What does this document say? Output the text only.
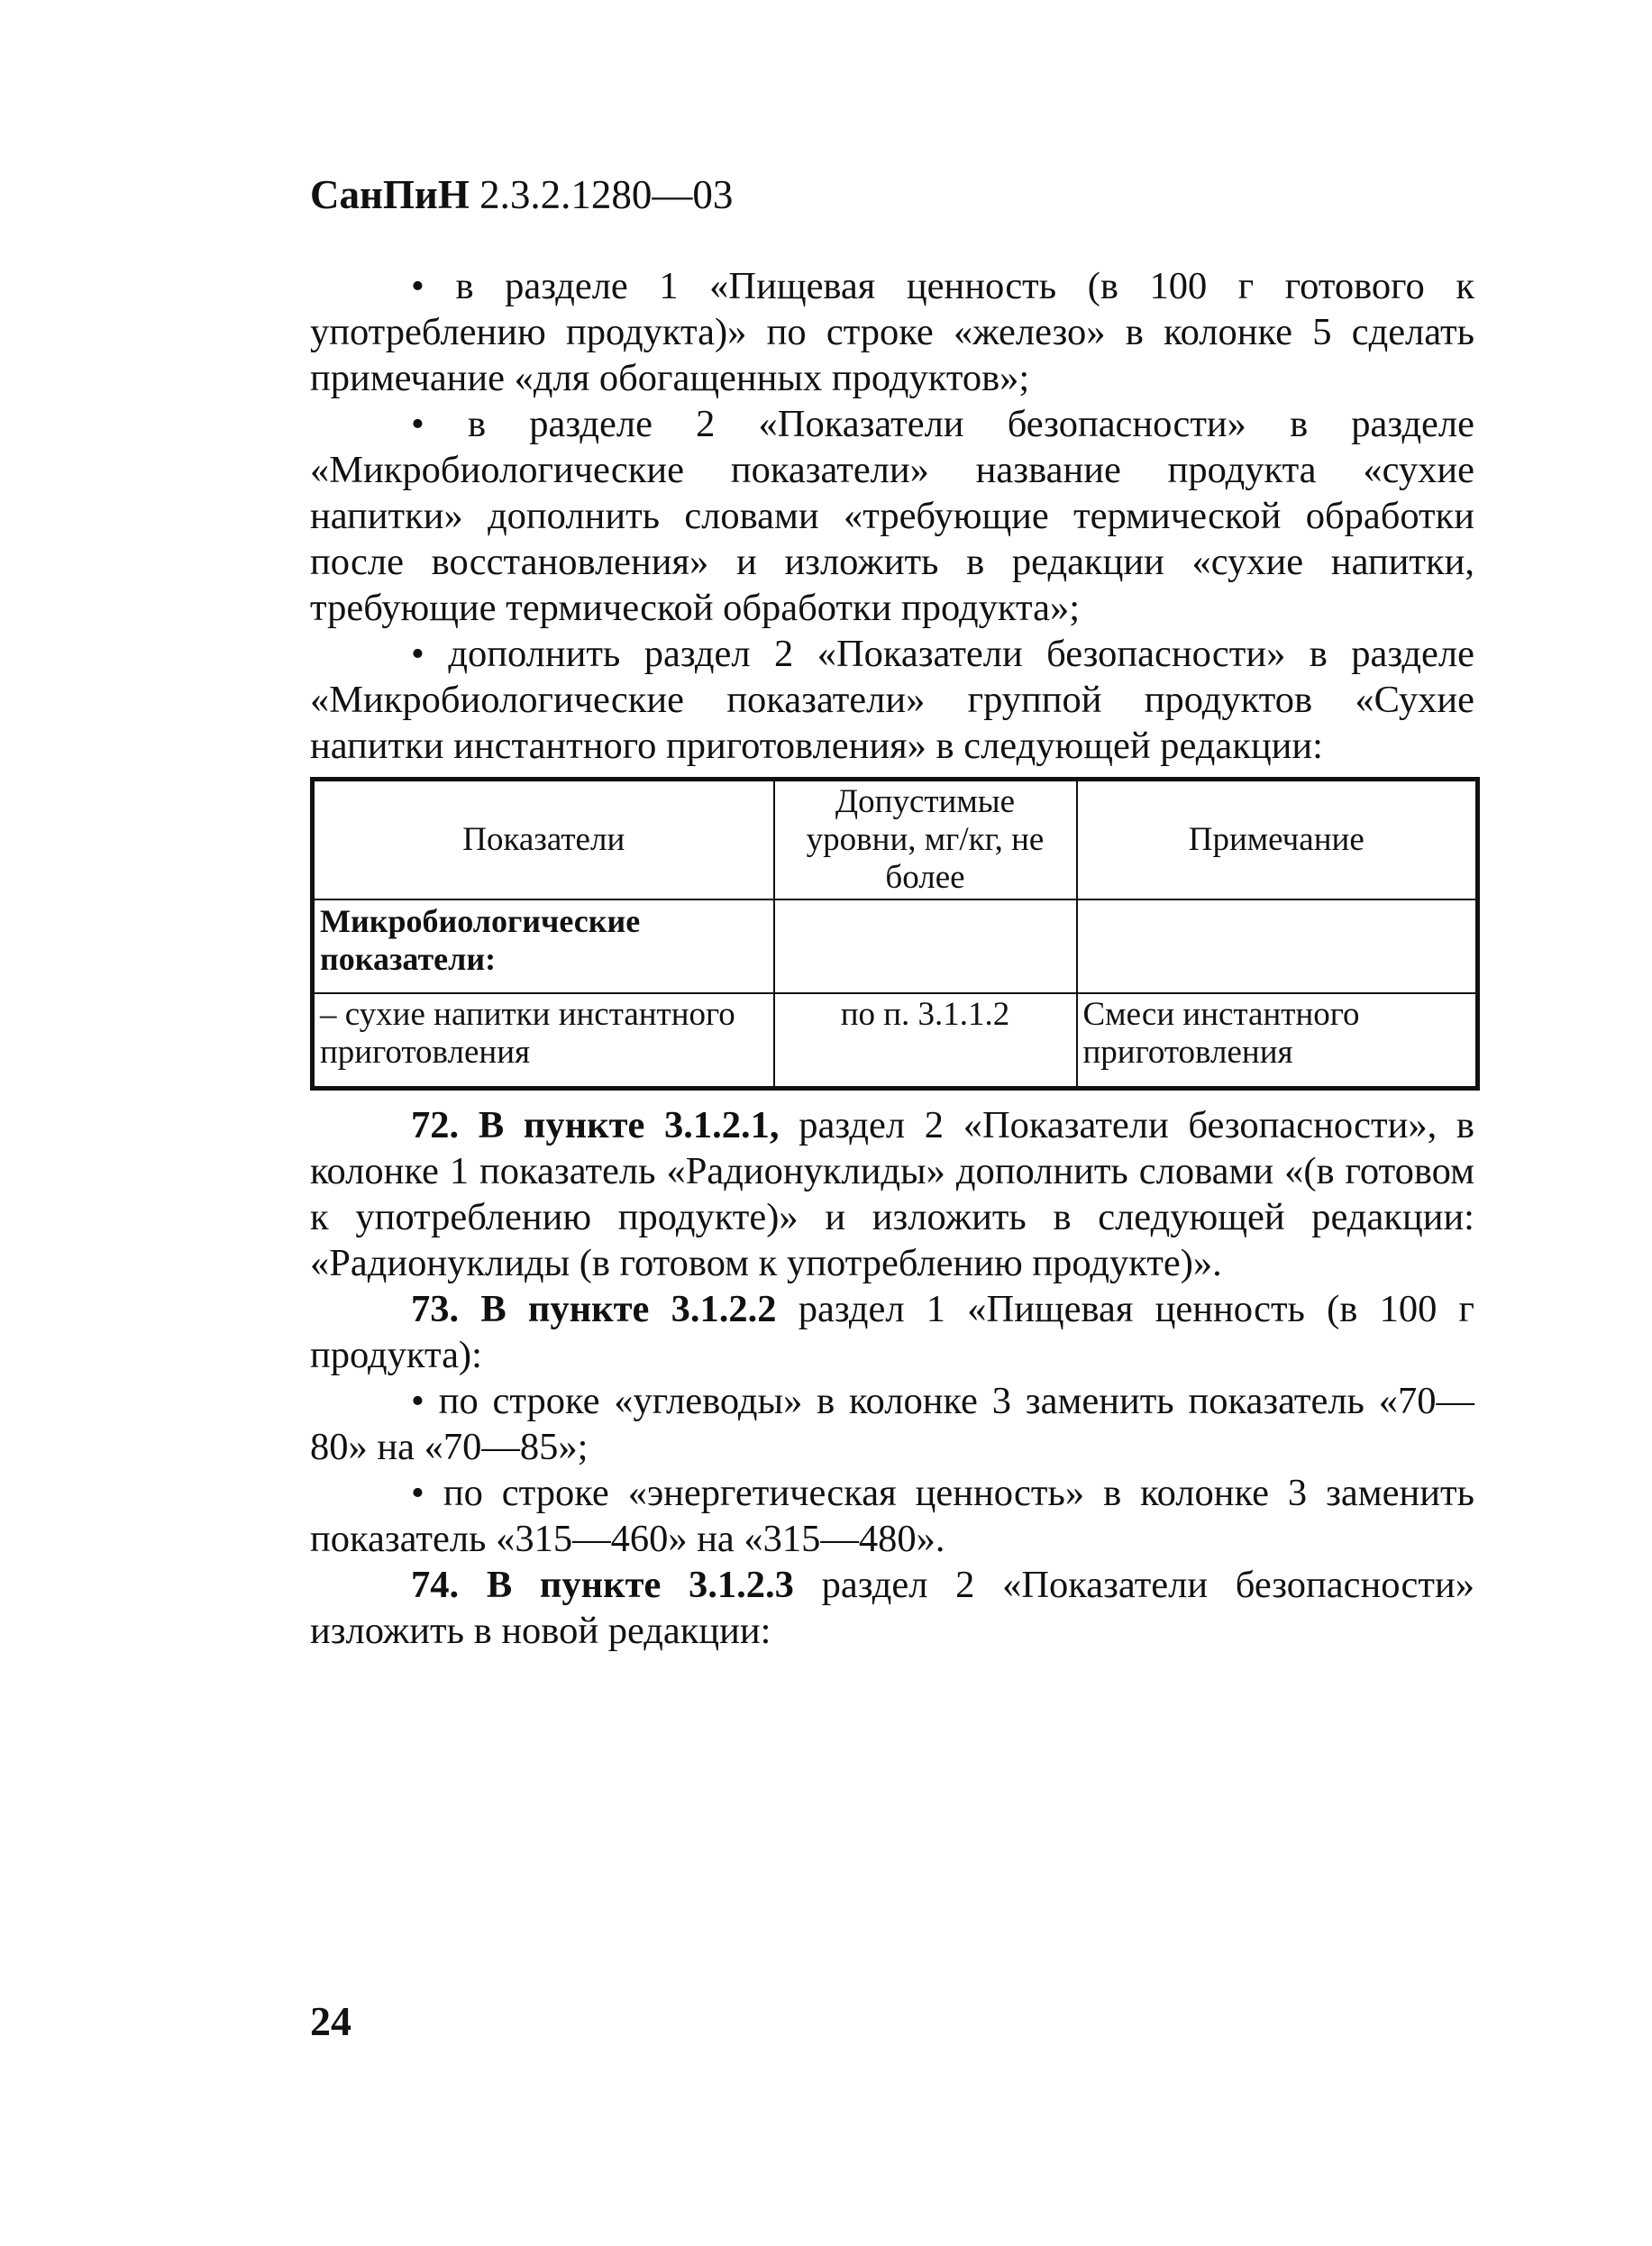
СанПиН 2.3.2.1280—03

• в разделе 1 «Пищевая ценность (в 100 г готового к употреблению продукта)» по строке «железо» в колонке 5 сделать примечание «для обогащенных продуктов»;

• в разделе 2 «Показатели безопасности» в разделе «Микробиологические показатели» название продукта «сухие напитки» дополнить словами «требующие термической обработки после восстановления» и изложить в редакции «сухие напитки, требующие термической обработки продукта»;

• дополнить раздел 2 «Показатели безопасности» в разделе «Микробиологические показатели» группой продуктов «Сухие напитки инстантного приготовления» в следующей редакции:

Показатели	Допустимые уровни, мг/кг, не более	Примечание
Микробиологические показатели:		
– сухие напитки инстантного приготовления	по п. 3.1.1.2	Смеси инстантного приготовления

72. В пункте 3.1.2.1, раздел 2 «Показатели безопасности», в колонке 1 показатель «Радионуклиды» дополнить словами «(в готовом к употреблению продукте)» и изложить в следующей редакции: «Радионуклиды (в готовом к употреблению продукте)».

73. В пункте 3.1.2.2 раздел 1 «Пищевая ценность (в 100 г продукта):

• по строке «углеводы» в колонке 3 заменить показатель «70—80» на «70—85»;

• по строке «энергетическая ценность» в колонке 3 заменить показатель «315—460» на «315—480».

74. В пункте 3.1.2.3 раздел 2 «Показатели безопасности» изложить в новой редакции:

24
